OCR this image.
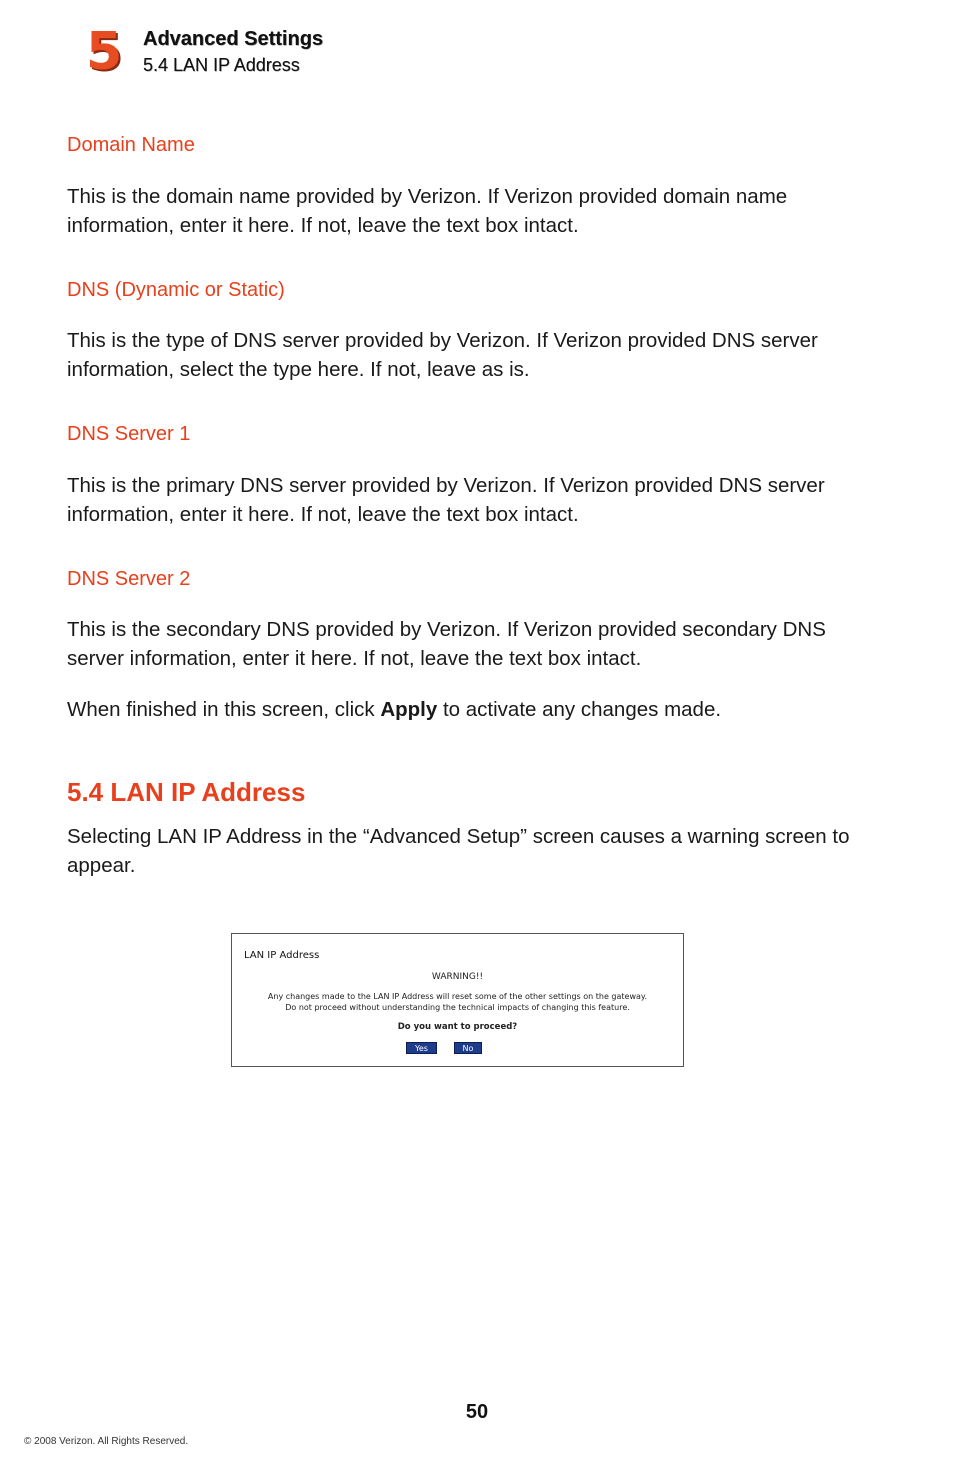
5 Advanced Settings
5.4 LAN IP Address
Domain Name
This is the domain name provided by Verizon. If Verizon provided domain name information, enter it here. If not, leave the text box intact.
DNS (Dynamic or Static)
This is the type of DNS server provided by Verizon. If Verizon provided DNS server information, select the type here. If not, leave as is.
DNS Server 1
This is the primary DNS server provided by Verizon. If Verizon provided DNS server information, enter it here. If not, leave the text box intact.
DNS Server 2
This is the secondary DNS provided by Verizon. If Verizon provided secondary DNS server information, enter it here. If not, leave the text box intact.
When finished in this screen, click Apply to activate any changes made.
5.4 LAN IP Address
Selecting LAN IP Address in the “Advanced Setup” screen causes a warning screen to appear.
LAN IP Address
WARNING!!
Any changes made to the LAN IP Address will reset some of the other settings on the gateway.
Do not proceed without understanding the technical impacts of changing this feature.
Do you want to proceed?
Yes	No
50
© 2008 Verizon. All Rights Reserved.
